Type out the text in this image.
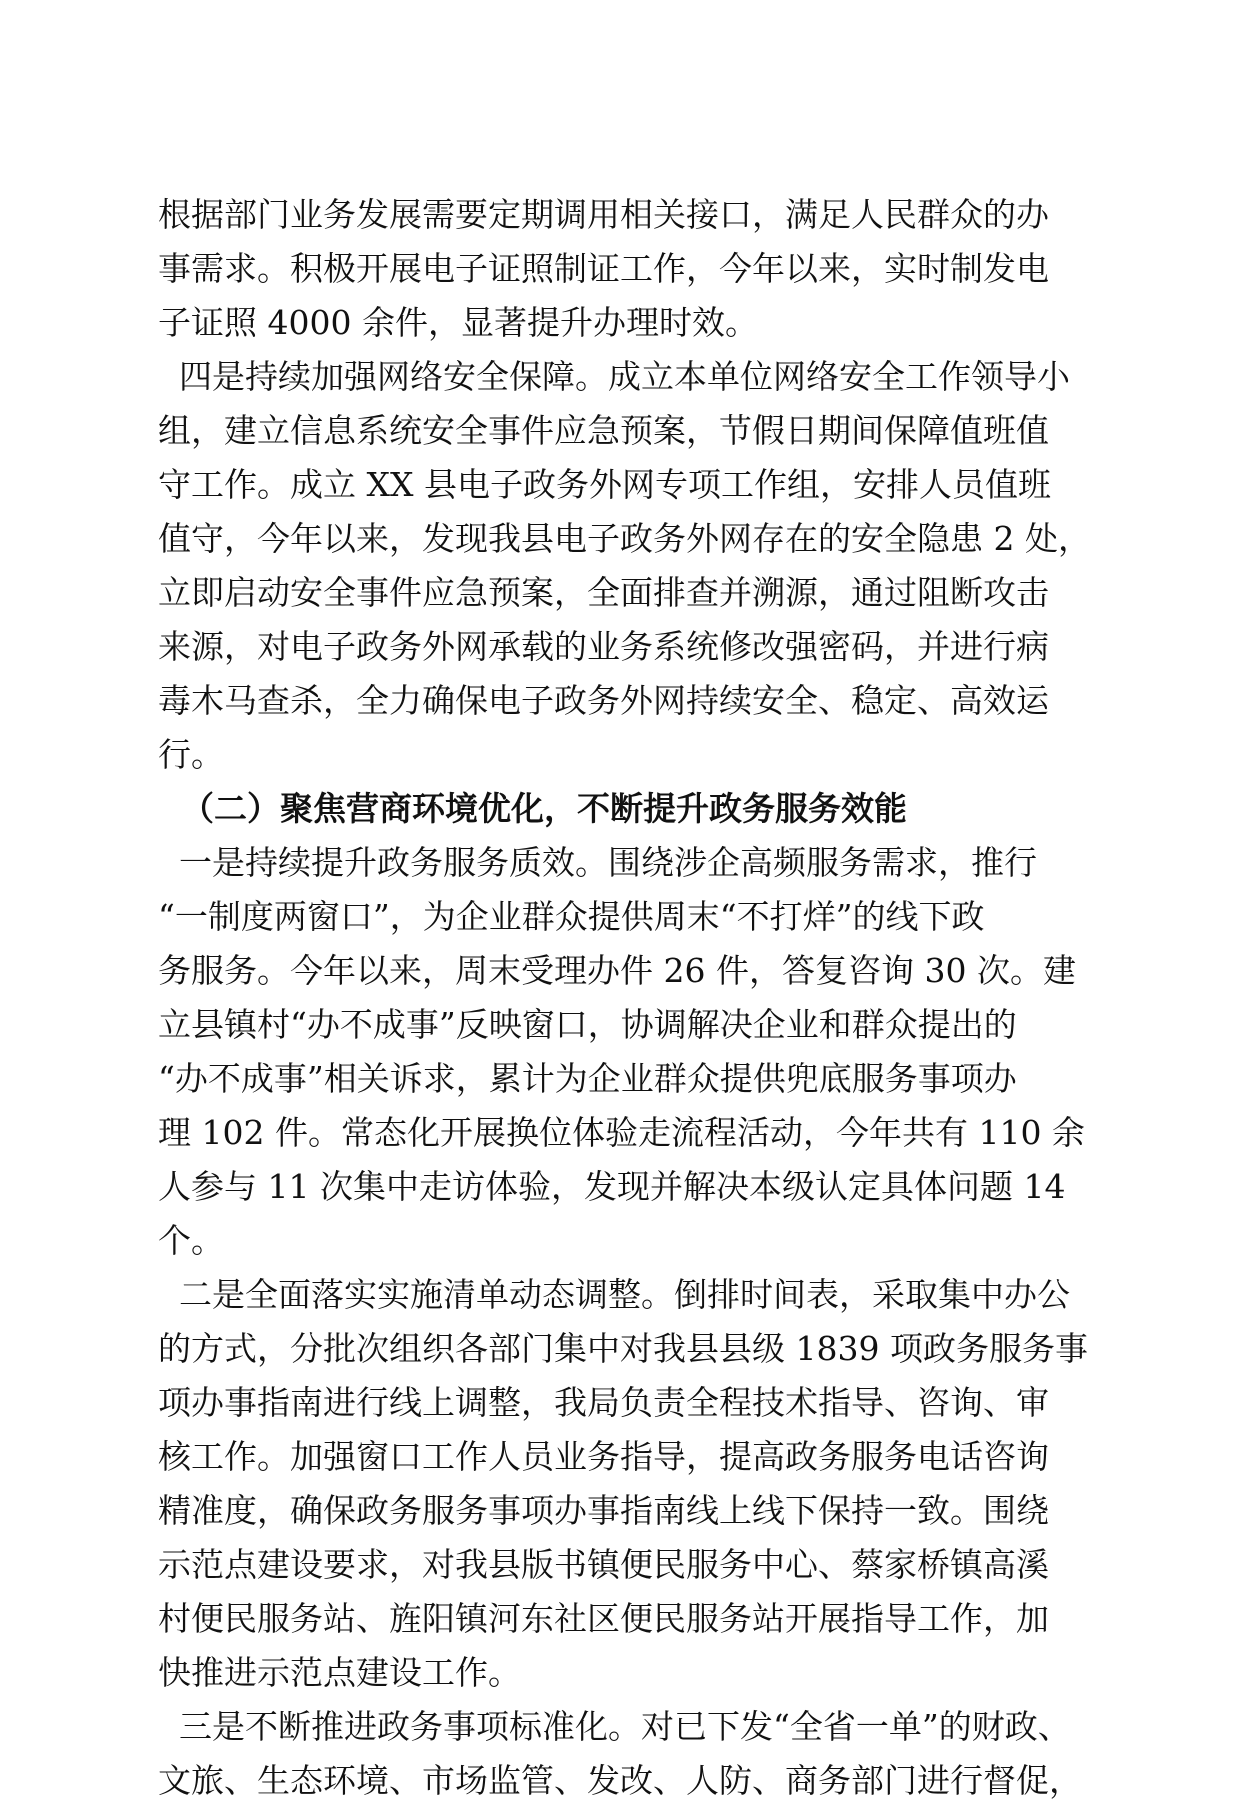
根据部门业务发展需要定期调用相关接口，满足人民群众的办
事需求。积极开展电子证照制证工作，今年以来，实时制发电
子证照 4000 余件，显著提升办理时效。
四是持续加强网络安全保障。成立本单位网络安全工作领导小
组，建立信息系统安全事件应急预案，节假日期间保障值班值
守工作。成立 XX 县电子政务外网专项工作组，安排人员值班
值守，今年以来，发现我县电子政务外网存在的安全隐患 2 处，
立即启动安全事件应急预案，全面排查并溯源，通过阻断攻击
来源，对电子政务外网承载的业务系统修改强密码，并进行病
毒木马查杀，全力确保电子政务外网持续安全、稳定、高效运
行。
（二）聚焦营商环境优化，不断提升政务服务效能
一是持续提升政务服务质效。围绕涉企高频服务需求，推行
“一制度两窗口”，为企业群众提供周末“不打烊”的线下政
务服务。今年以来，周末受理办件 26 件，答复咨询 30 次。建
立县镇村“办不成事”反映窗口，协调解决企业和群众提出的
“办不成事”相关诉求，累计为企业群众提供兜底服务事项办
理 102 件。常态化开展换位体验走流程活动，今年共有 110 余
人参与 11 次集中走访体验，发现并解决本级认定具体问题 14
个。
二是全面落实实施清单动态调整。倒排时间表，采取集中办公
的方式，分批次组织各部门集中对我县县级 1839 项政务服务事
项办事指南进行线上调整，我局负责全程技术指导、咨询、审
核工作。加强窗口工作人员业务指导，提高政务服务电话咨询
精准度，确保政务服务事项办事指南线上线下保持一致。围绕
示范点建设要求，对我县版书镇便民服务中心、蔡家桥镇高溪
村便民服务站、旌阳镇河东社区便民服务站开展指导工作，加
快推进示范点建设工作。
三是不断推进政务事项标准化。对已下发“全省一单”的财政、
文旅、生态环境、市场监管、发改、人防、商务部门进行督促，
